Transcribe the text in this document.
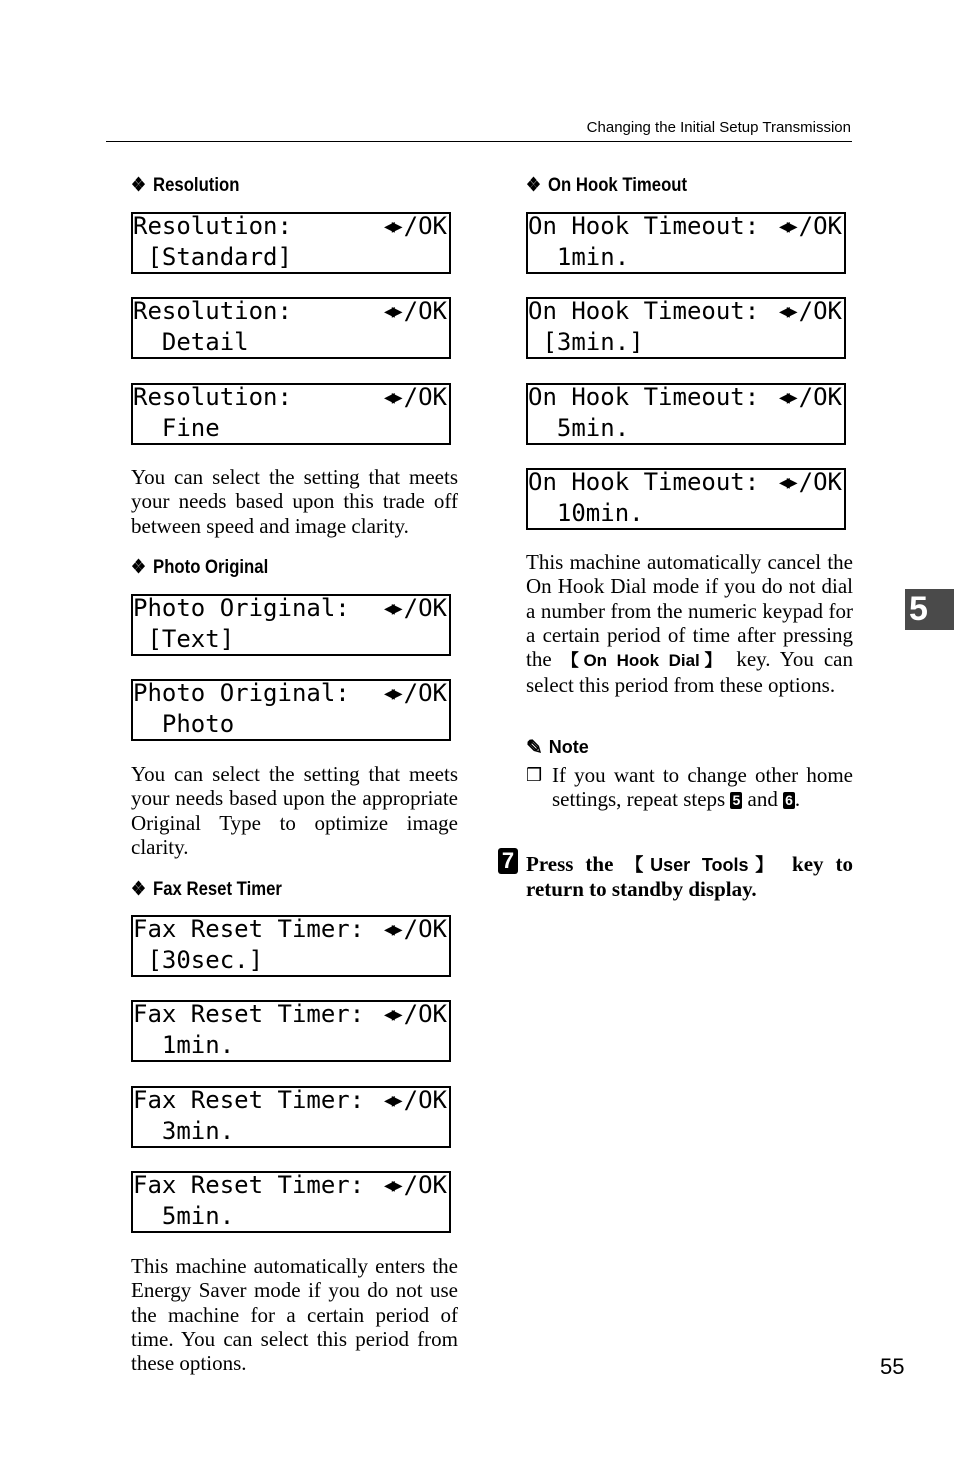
Changing the Initial Setup Transmission
❖ Resolution
Resolution:	◀▶ /OK
[Standard]
Resolution:	◀▶ /OK
Detail
Resolution:	◀▶ /OK
Fine
You can select the setting that meets your needs based upon this trade off between speed and image clarity.
❖ Photo Original
Photo Original: ◀▶ /OK
[Text]
Photo Original: ◀▶ /OK
Photo
You can select the setting that meets your needs based upon the appropriate Original Type to optimize image clarity.
❖ Fax Reset Timer
Fax Reset Timer: ◀▶ /OK
[30sec.]
Fax Reset Timer: ◀▶ /OK
1min.
Fax Reset Timer: ◀▶ /OK
3min.
Fax Reset Timer: ◀▶ /OK
5min.
This machine automatically enters the Energy Saver mode if you do not use the machine for a certain period of time. You can select this period from these options.
❖ On Hook Timeout
On Hook Timeout: ◀▶ /OK
1min.
On Hook Timeout: ◀▶ /OK
[3min.]
On Hook Timeout: ◀▶ /OK
5min.
On Hook Timeout: ◀▶ /OK
10min.
This machine automatically cancel the On Hook Dial mode if you do not dial a number from the numeric keypad for a certain period of time after pressing the 【On Hook Dial】 key. You can select this period from these options.
✎ Note
❒ If you want to change other home settings, repeat steps 5 and 6.
7 Press the 【User Tools】 key to return to standby display.
5
55
